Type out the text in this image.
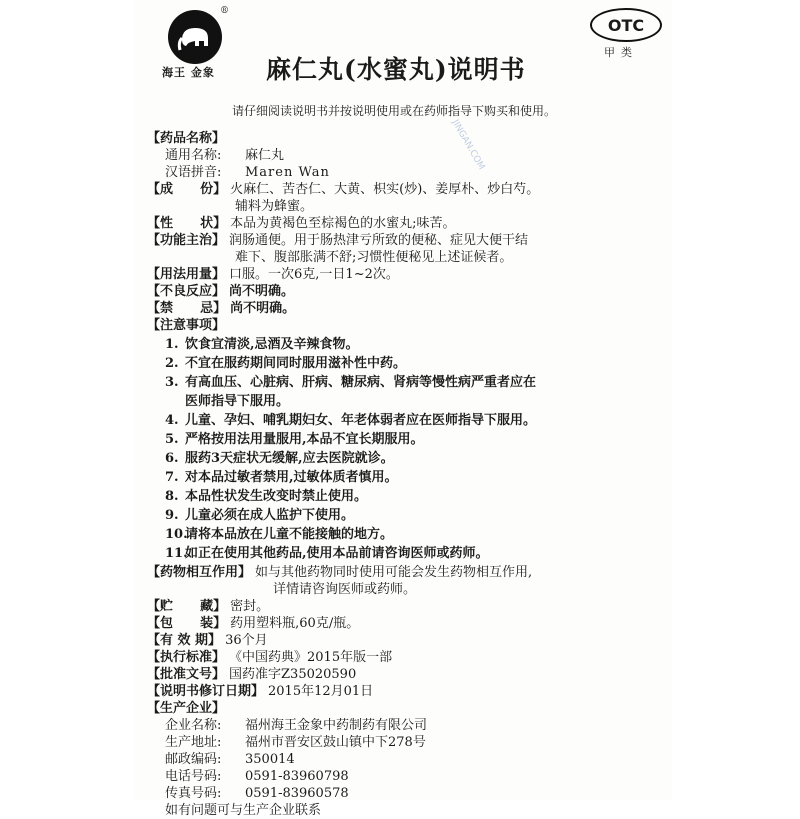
®
海王 金象
OTC
甲类
麻仁丸(水蜜丸)说明书
请仔细阅读说明书并按说明使用或在药师指导下购买和使用。
JINGAN.COM
【药品名称】
通用名称:	麻仁丸
汉语拼音:	Maren Wan
【成      份】 火麻仁、苦杏仁、大黄、枳实(炒)、姜厚朴、炒白芍。
辅料为蜂蜜。
【性      状】 本品为黄褐色至棕褐色的水蜜丸;味苦。
【功能主治】 润肠通便。用于肠热津亏所致的便秘、症见大便干结
难下、腹部胀满不舒;习惯性便秘见上述证候者。
【用法用量】 口服。一次6克,一日1~2次。
【不良反应】 尚不明确。
【禁      忌】 尚不明确。
【注意事项】
1. 饮食宜清淡,忌酒及辛辣食物。
2. 不宜在服药期间同时服用滋补性中药。
3. 有高血压、心脏病、肝病、糖尿病、肾病等慢性病严重者应在
医师指导下服用。
4. 儿童、孕妇、哺乳期妇女、年老体弱者应在医师指导下服用。
5. 严格按用法用量服用,本品不宜长期服用。
6. 服药3天症状无缓解,应去医院就诊。
7. 对本品过敏者禁用,过敏体质者慎用。
8. 本品性状发生改变时禁止使用。
9. 儿童必须在成人监护下使用。
10.
请将本品放在儿童不能接触的地方。
11.
如正在使用其他药品,使用本品前请咨询医师或药师。
【药物相互作用】 如与其他药物同时使用可能会发生药物相互作用,
详情请咨询医师或药师。
【贮      藏】 密封。
【包      装】 药用塑料瓶,60克/瓶。
【有 效 期】 36个月
【执行标准】 《中国药典》2015年版一部
【批准文号】 国药准字Z35020590
【说明书修订日期】 2015年12月01日
【生产企业】
企业名称:	福州海王金象中药制药有限公司
生产地址:	福州市晋安区鼓山镇中下278号
邮政编码:	350014
电话号码:	0591-83960798
传真号码:	0591-83960578
如有问题可与生产企业联系
